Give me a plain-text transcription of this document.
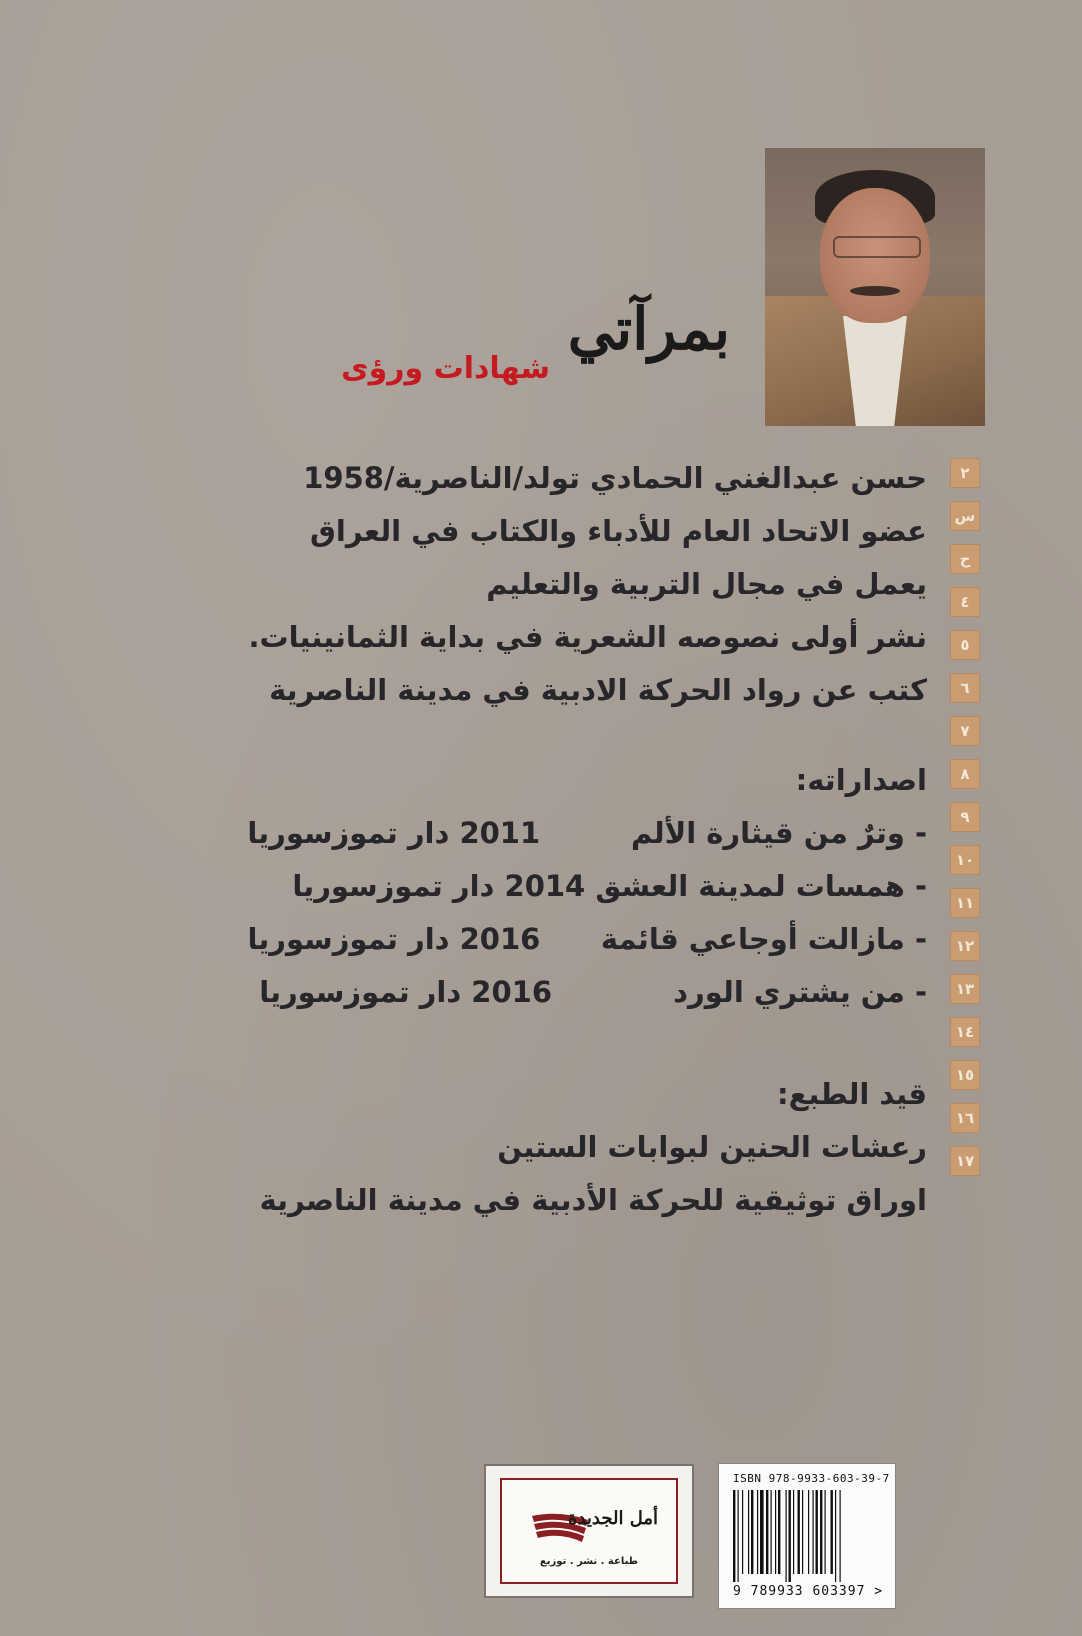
بمرآتي
شهادات ورؤى
٢
س
ح
٤
٥
٦
٧
٨
٩
١٠
١١
١٢
١٣
١٤
١٥
١٦
١٧
حسن عبدالغني الحمادي تولد/الناصرية/1958
عضو الاتحاد العام للأدباء والكتاب في العراق
يعمل في مجال التربية والتعليم
نشر أولى نصوصه الشعرية في بداية الثمانينيات.
كتب عن رواد الحركة الادبية في مدينة الناصرية
اصداراته:
- وترٌ من قيثارة الألم         2011 دار تموزسوريا
- همسات لمدينة العشق 2014 دار تموزسوريا
- مازالت أوجاعي قائمة      2016 دار تموزسوريا
- من يشتري الورد            2016 دار تموزسوريا
قيد الطبع:
رعشات الحنين لبوابات الستين
اوراق توثيقية للحركة الأدبية في مدينة الناصرية
أمل الجديدة
طباعة . نشر . توزيع
ISBN 978-9933-603-39-7
9 789933 603397 >
